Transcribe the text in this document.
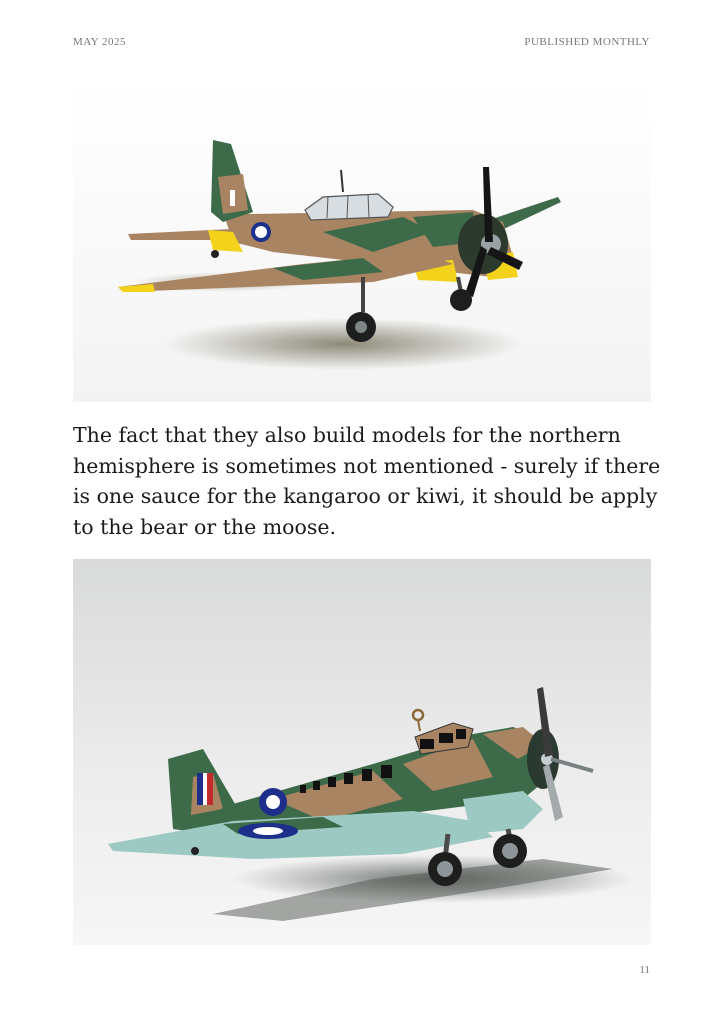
MAY 2025	PUBLISHED MONTHLY

The fact that they also build models for the northern hemisphere is sometimes not mentioned - surely if there is one sauce for the kangaroo or kiwi, it should be apply to the bear or the moose.

11
